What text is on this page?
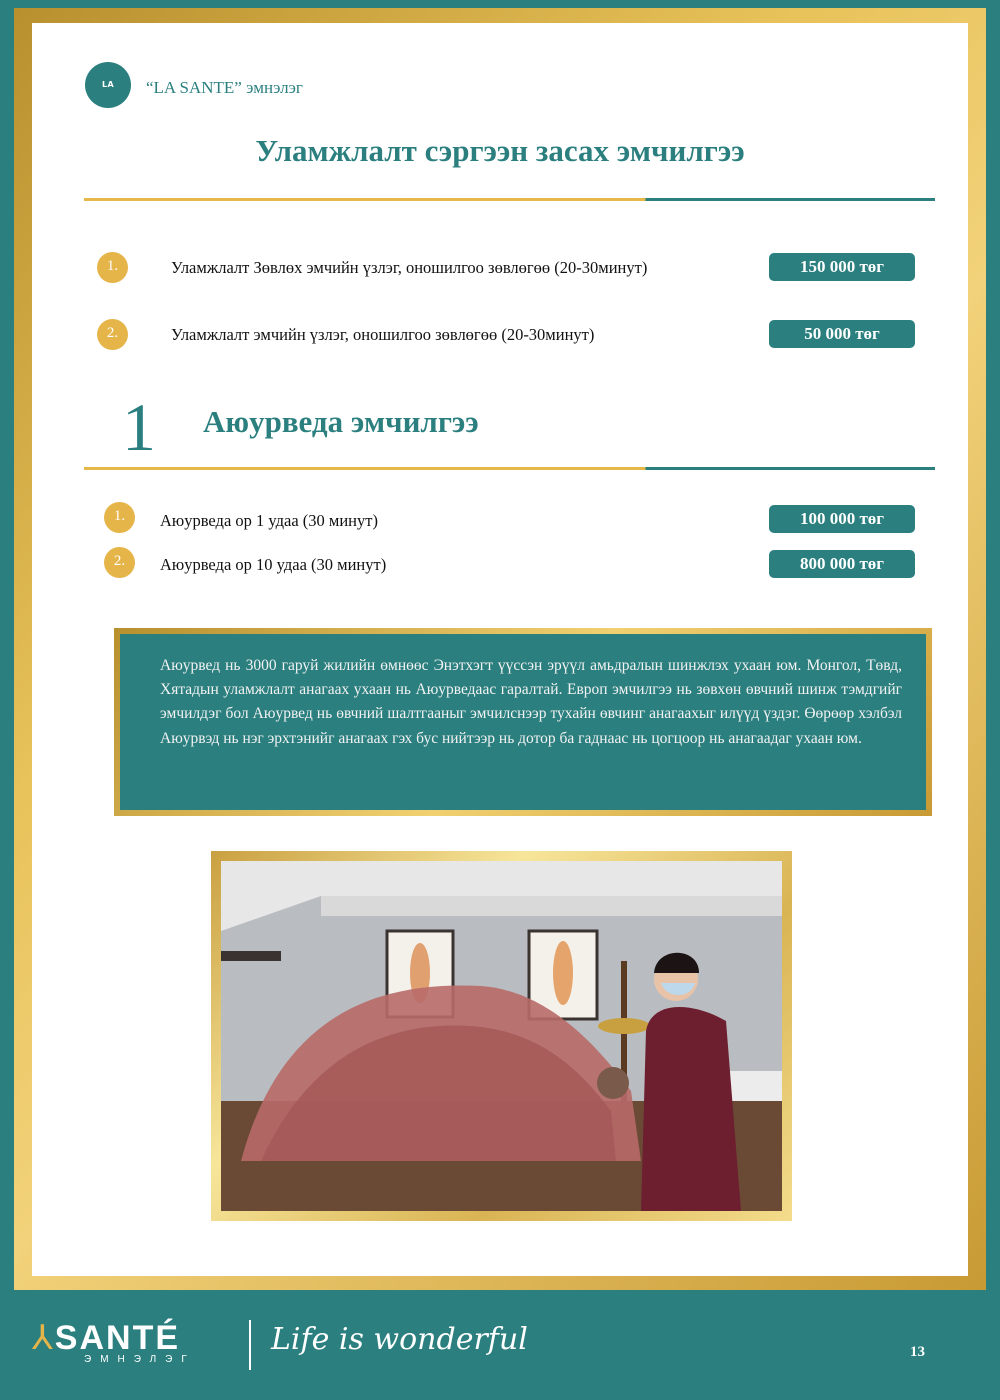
LA SANTÉ
“LA SANTE” эмнэлэг
Уламжлалт сэргээн засах эмчилгээ
1.	Уламжлалт Зөвлөх эмчийн үзлэг, оношилгоо зөвлөгөө (20-30минут)	150 000 төг
2.	Уламжлалт эмчийн үзлэг, оношилгоо зөвлөгөө (20-30минут)	50 000 төг
1 Аюурведа эмчилгээ
1.	Аюурведа ор 1 удаа (30 минут)	100 000 төг
2.	Аюурведа ор 10 удаа (30 минут)	800 000 төг
Аюурвед нь 3000 гаруй жилийн өмнөөс Энэтхэгт үүссэн эрүүл амьдралын шинжлэх ухаан юм. Монгол, Төвд, Хятадын уламжлалт анагаах ухаан нь Аюурведаас гаралтай. Европ эмчилгээ нь зөвхөн өвчний шинж тэмдгийг эмчилдэг бол Аюурвед нь өвчний шалтгааныг эмчилснээр тухайн өвчинг анагаахыг илүүд үздэг. Өөрөөр хэлбэл Аюурвэд нь нэг эрхтэнийг анагаах гэх бус нийтээр нь дотор ба гаднаас нь цогцоор нь анагаадаг ухаан юм.
⅄SANTÉ
ЭМНЭЛЭГ
Life is wonderful	13
